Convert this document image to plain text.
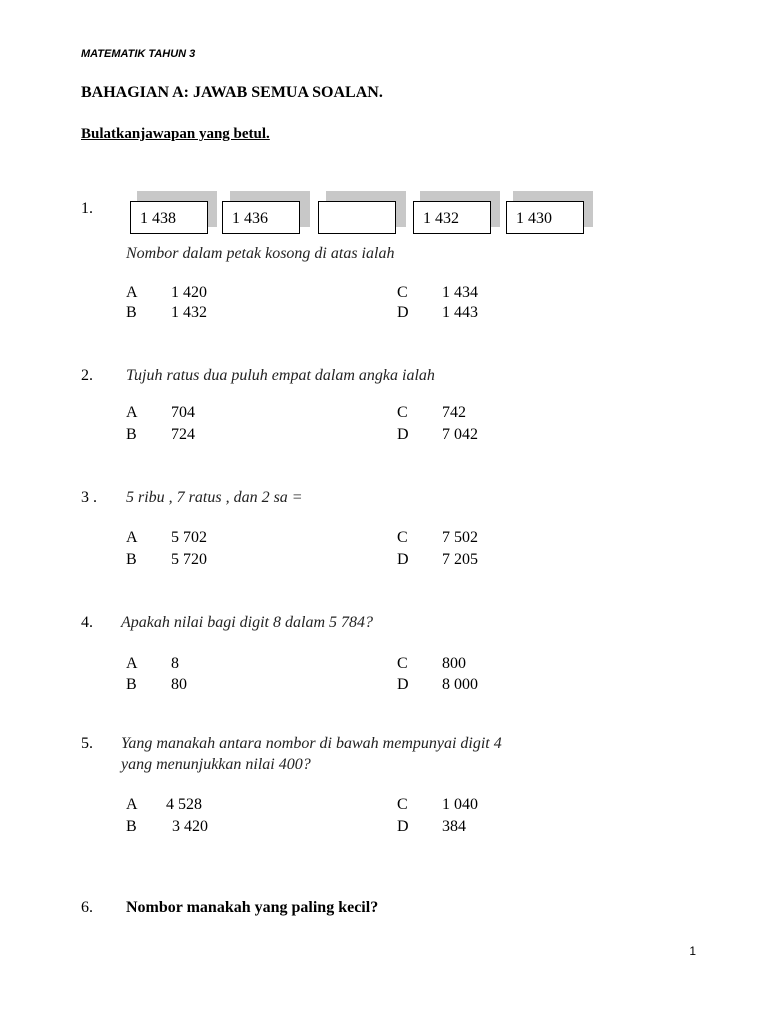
MATEMATIK TAHUN 3
BAHAGIAN A: JAWAB SEMUA SOALAN.
Bulatkanjawapan yang betul.
1.
1 438	1 436	1 432	1 430
Nombor dalam petak kosong di atas ialah
A 1 420
B 1 432
C 1 434
D 1 443
2. Tujuh ratus dua puluh empat dalam angka ialah
A 704
B 724
C 742
D 7 042
3 . 5 ribu , 7 ratus , dan 2 sa =
A 5 702
B 5 720
C 7 502
D 7 205
4. Apakah nilai bagi digit 8 dalam 5 784?
A 8
B 80
C 800
D 8 000
5. Yang manakah antara nombor di bawah mempunyai digit 4
yang menunjukkan nilai 400?
A 4 528
B 3 420
C 1 040
D 384
6. Nombor manakah yang paling kecil?
1
